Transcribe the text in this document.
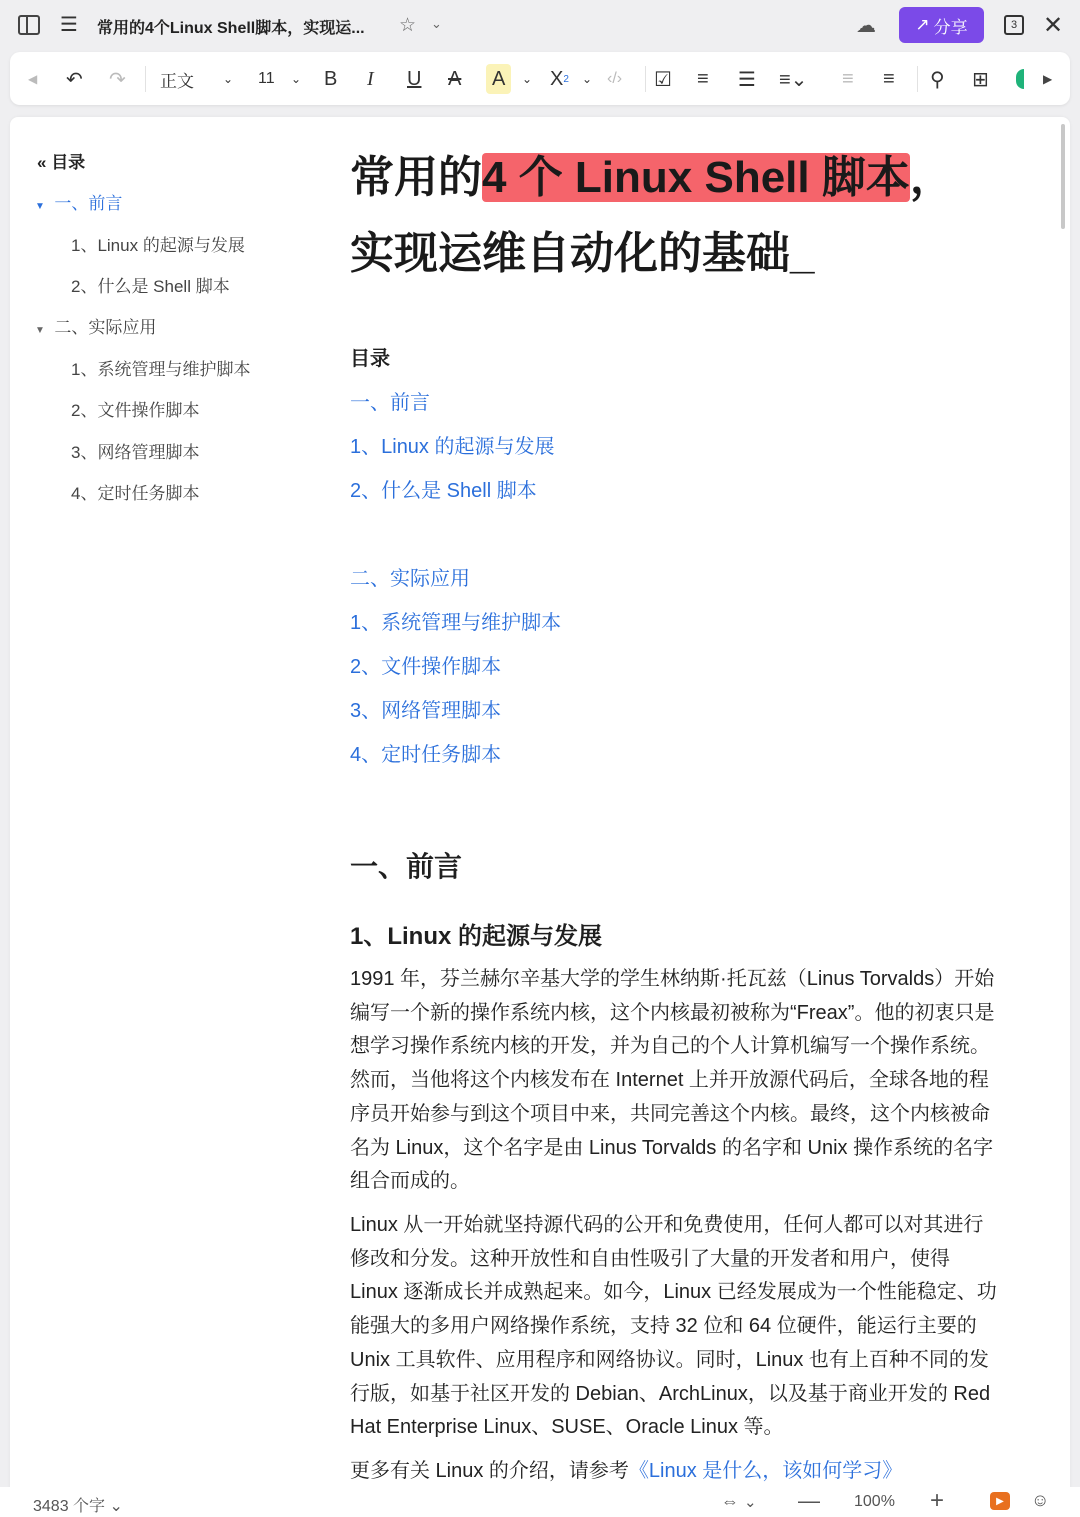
☰ 常用的4个Linux Shell脚本，实现运... ☆ ⌄	☁ ↗ 分享	3 ✕
◀ ↶ ↷ 正文 ⌄ 11 ⌄ B I U A	A	⌄ X 2 ⌄ ‹/› ☑ ≡ ☰ ≡⌄ ≡ ≡ ⚲ ⊞	▶
« 目录
▼ 一、前言
1、Linux 的起源与发展
2、什么是 Shell 脚本
▼ 二、实际应用
1、系统管理与维护脚本
2、文件操作脚本
3、网络管理脚本
4、定时任务脚本
常用的4 个 Linux Shell 脚本，
实现运维自动化的基础_
目录
一、前言
1、Linux 的起源与发展
2、什么是 Shell 脚本
二、实际应用
1、系统管理与维护脚本
2、文件操作脚本
3、网络管理脚本
4、定时任务脚本
一、前言
1、Linux 的起源与发展

1991 年，芬兰赫尔辛基大学的学生林纳斯·托瓦兹（Linus Torvalds）开始编写一个新的操作系统内核，这个内核最初被称为“Freax”。他的初衷只是想学习操作系统内核的开发，并为自己的个人计算机编写一个操作系统。然而，当他将这个内核发布在 Internet 上并开放源代码后，全球各地的程序员开始参与到这个项目中来，共同完善这个内核。最终，这个内核被命名为 Linux，这个名字是由 Linus Torvalds 的名字和 Unix 操作系统的名字组合而成的。

Linux 从一开始就坚持源代码的公开和免费使用，任何人都可以对其进行修改和分发。这种开放性和自由性吸引了大量的开发者和用户，使得 Linux 逐渐成长并成熟起来。如今，Linux 已经发展成为一个性能稳定、功能强大的多用户网络操作系统，支持 32 位和 64 位硬件，能运行主要的 Unix 工具软件、应用程序和网络协议。同时，Linux 也有上百种不同的发行版，如基于社区开发的 Debian、ArchLinux，以及基于商业开发的 Red Hat Enterprise Linux、SUSE、Oracle Linux 等。

更多有关 Linux 的介绍，请参考《Linux 是什么，该如何学习》

3483 个字 ⌄	⇔ ⌄ — 100% +	▶	☺
